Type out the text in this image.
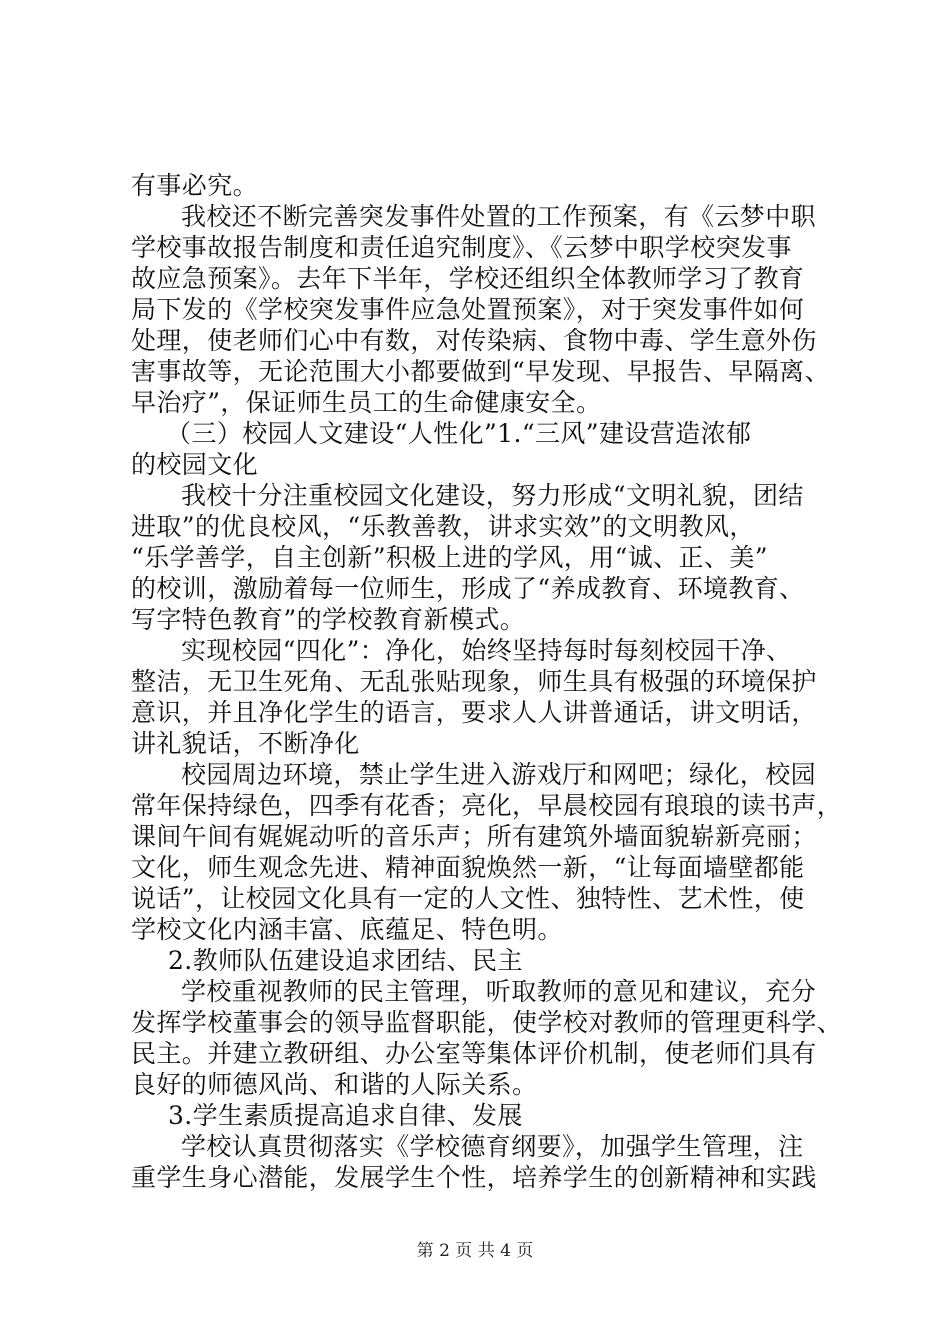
有事必究。
我校还不断完善突发事件处置的工作预案，有《云梦中职
学校事故报告制度和责任追究制度》、《云梦中职学校突发事
故应急预案》。去年下半年，学校还组织全体教师学习了教育
局下发的《学校突发事件应急处置预案》，对于突发事件如何
处理，使老师们心中有数，对传染病、食物中毒、学生意外伤
害事故等，无论范围大小都要做到“早发现、早报告、早隔离、
早治疗”，保证师生员工的生命健康安全。
（三）校园人文建设“人性化”1.“三风”建设营造浓郁
的校园文化
我校十分注重校园文化建设，努力形成“文明礼貌，团结
进取”的优良校风，“乐教善教，讲求实效”的文明教风，
“乐学善学，自主创新”积极上进的学风，用“诚、正、美”
的校训，激励着每一位师生，形成了“养成教育、环境教育、
写字特色教育”的学校教育新模式。
实现校园“四化”：净化，始终坚持每时每刻校园干净、
整洁，无卫生死角、无乱张贴现象，师生具有极强的环境保护
意识，并且净化学生的语言，要求人人讲普通话，讲文明话，
讲礼貌话，不断净化
校园周边环境，禁止学生进入游戏厅和网吧；绿化，校园
常年保持绿色，四季有花香；亮化，早晨校园有琅琅的读书声，
课间午间有娓娓动听的音乐声；所有建筑外墙面貌崭新亮丽；
文化，师生观念先进、精神面貌焕然一新，“让每面墙壁都能
说话”，让校园文化具有一定的人文性、独特性、艺术性，使
学校文化内涵丰富、底蕴足、特色明。
2.教师队伍建设追求团结、民主
学校重视教师的民主管理，听取教师的意见和建议，充分
发挥学校董事会的领导监督职能，使学校对教师的管理更科学、
民主。并建立教研组、办公室等集体评价机制，使老师们具有
良好的师德风尚、和谐的人际关系。
3.学生素质提高追求自律、发展
学校认真贯彻落实《学校德育纲要》，加强学生管理，注
重学生身心潜能，发展学生个性，培养学生的创新精神和实践
第 2 页 共 4 页
